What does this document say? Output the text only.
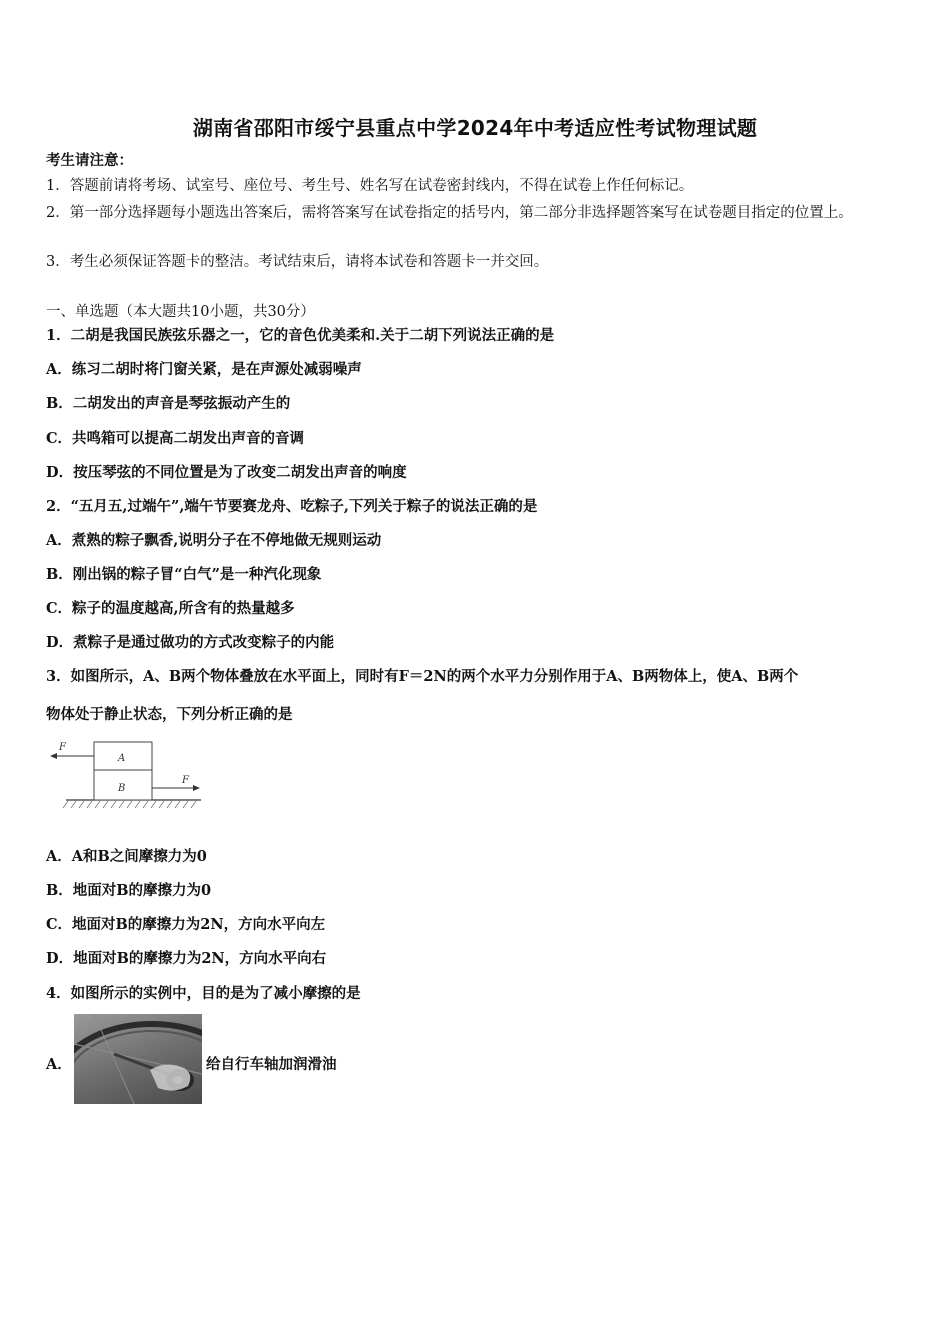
湖南省邵阳市绥宁县重点中学2024年中考适应性考试物理试题
考生请注意：
1．答题前请将考场、试室号、座位号、考生号、姓名写在试卷密封线内，不得在试卷上作任何标记。
2．第一部分选择题每小题选出答案后，需将答案写在试卷指定的括号内，第二部分非选择题答案写在试卷题目指定的位置上。
3．考生必须保证答题卡的整洁。考试结束后，请将本试卷和答题卡一并交回。
一、单选题（本大题共10小题，共30分）
1．二胡是我国民族弦乐器之一，它的音色优美柔和.关于二胡下列说法正确的是
A．练习二胡时将门窗关紧，是在声源处减弱噪声
B．二胡发出的声音是琴弦振动产生的
C．共鸣箱可以提高二胡发出声音的音调
D．按压琴弦的不同位置是为了改变二胡发出声音的响度
2．“五月五,过端午”,端午节要赛龙舟、吃粽子,下列关于粽子的说法正确的是
A．煮熟的粽子飘香,说明分子在不停地做无规则运动
B．刚出锅的粽子冒“白气”是一种汽化现象
C．粽子的温度越高,所含有的热量越多
D．煮粽子是通过做功的方式改变粽子的内能
3．如图所示，A、B两个物体叠放在水平面上，同时有F＝2N的两个水平力分别作用于A、B两物体上，使A、B两个
物体处于静止状态，下列分析正确的是
F
A
B
F
A．A和B之间摩擦力为0
B．地面对B的摩擦力为0
C．地面对B的摩擦力为2N，方向水平向左
D．地面对B的摩擦力为2N，方向水平向右
4．如图所示的实例中，目的是为了减小摩擦的是
A．	给自行车轴加润滑油
